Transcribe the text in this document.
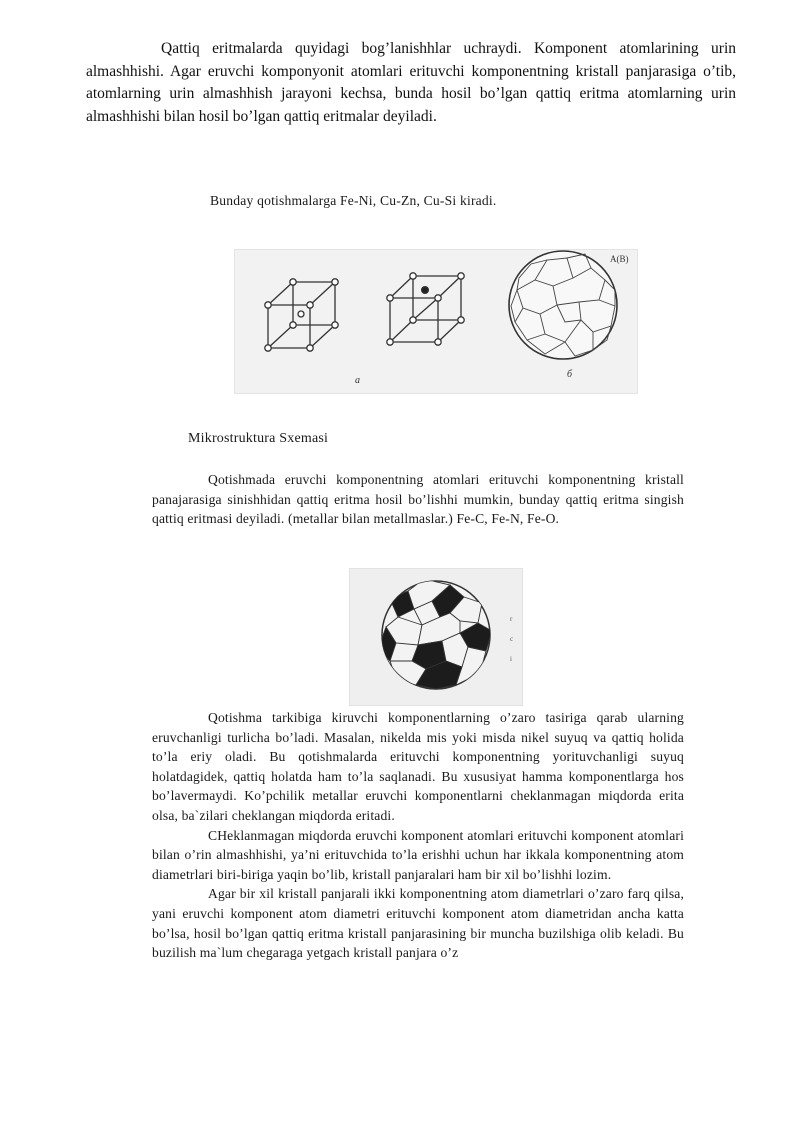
Qattiq eritmalarda quyidagi bog’lanishhlar uchraydi. Komponent atomlarining urin almashhishi. Agar eruvchi komponyonit atomlari erituvchi komponentning kristall panjarasiga o’tib, atomlarning urin almashhish jarayoni kechsa, bunda hosil bo’lgan qattiq eritma atomlarning urin almashhishi bilan hosil bo’lgan qattiq eritmalar deyiladi.
Bunday qotishmalarga Fe-Ni, Cu-Zn, Cu-Si kiradi.
A(B)
a
б
Mikrostruktura Sxemasi

Qotishmada eruvchi komponentning atomlari erituvchi komponentning kristall panajarasiga sinishhidan qattiq eritma hosil bo’lishhi mumkin, bunday qattiq eritma singish qattiq eritmasi deyiladi. (metallar bilan metallmaslar.) Fe-C, Fe-N, Fe-O.

r
c
i

Qotishma tarkibiga kiruvchi komponentlarning o’zaro tasiriga qarab ularning eruvchanligi turlicha bo’ladi. Masalan, nikelda mis yoki misda nikel suyuq va qattiq holida to’la eriy oladi. Bu qotishmalarda erituvchi komponentning yorituvchanligi suyuq holatdagidek, qattiq holatda ham to’la saqlanadi. Bu xususiyat hamma komponentlarga hos bo’lavermaydi. Ko’pchilik metallar eruvchi komponentlarni cheklanmagan miqdorda erita olsa, ba`zilari cheklangan miqdorda eritadi.

CHeklanmagan miqdorda eruvchi komponent atomlari erituvchi komponent atomlari bilan o’rin almashhishi, ya’ni erituvchida to’la erishhi uchun har ikkala komponentning atom diametrlari biri-biriga yaqin bo’lib, kristall panjaralari ham bir xil bo’lishhi lozim.

Agar bir xil kristall panjarali ikki komponentning atom diametrlari o’zaro farq qilsa, yani eruvchi komponent atom diametri erituvchi komponent atom diametridan ancha katta bo’lsa, hosil bo’lgan qattiq eritma kristall panjarasining bir muncha buzilshiga olib keladi. Bu buzilish ma`lum chegaraga yetgach kristall panjara o’z
